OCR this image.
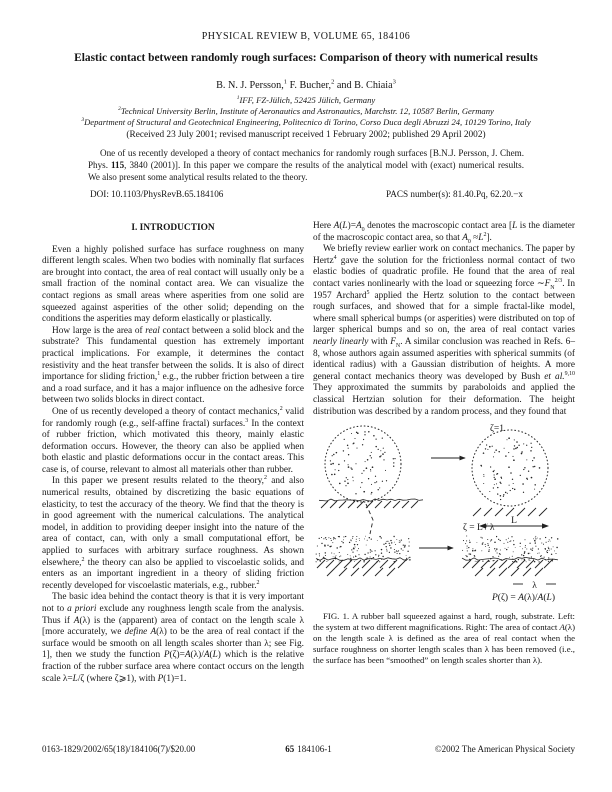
PHYSICAL REVIEW B, VOLUME 65, 184106
Elastic contact between randomly rough surfaces: Comparison of theory with numerical results
B. N. J. Persson,$^1$ F. Bucher,$^2$ and B. Chiaia$^3$
$^1$IFF, FZ-Jülich, 52425 Jülich, Germany
$^2$Technical University Berlin, Institute of Aeronautics and Astronautics, Marchstr. 12, 10587 Berlin, Germany
$^3$Department of Structural and Geotechnical Engineering, Politecnico di Torino, Corso Duca degli Abruzzi 24, 10129 Torino, Italy
(Received 23 July 2001; revised manuscript received 1 February 2002; published 29 April 2002)
One of us recently developed a theory of contact mechanics for randomly rough surfaces [B.N.J. Persson, J. Chem. Phys. 115, 3840 (2001)]. In this paper we compare the results of the analytical model with (exact) numerical results. We also present some analytical results related to the theory.
DOI: 10.1103/PhysRevB.65.184106	PACS number(s): 81.40.Pq, 62.20.−x
I. INTRODUCTION

Even a highly polished surface has surface roughness on many different length scales. When two bodies with nominally flat surfaces are brought into contact, the area of real contact will usually only be a small fraction of the nominal contact area. We can visualize the contact regions as small areas where asperities from one solid are squeezed against asperities of the other solid; depending on the conditions the asperities may deform elastically or plastically.

How large is the area of real contact between a solid block and the substrate? This fundamental question has extremely important practical implications. For example, it determines the contact resistivity and the heat transfer between the solids. It is also of direct importance for sliding friction,$^1$ e.g., the rubber friction between a tire and a road surface, and it has a major influence on the adhesive force between two solids blocks in direct contact.

One of us recently developed a theory of contact mechanics,$^2$ valid for randomly rough (e.g., self-affine fractal) surfaces.$^3$ In the context of rubber friction, which motivated this theory, mainly elastic deformation occurs. However, the theory can also be applied when both elastic and plastic deformations occur in the contact areas. This case is, of course, relevant to almost all materials other than rubber.

In this paper we present results related to the theory,$^2$ and also numerical results, obtained by discretizing the basic equations of elasticity, to test the accuracy of the theory. We find that the theory is in good agreement with the numerical calculations. The analytical model, in addition to providing deeper insight into the nature of the area of contact, can, with only a small computational effort, be applied to surfaces with arbitrary surface roughness. As shown elsewhere,$^2$ the theory can also be applied to viscoelastic solids, and enters as an important ingredient in a theory of sliding friction recently developed for viscoelastic materials, e.g., rubber.$^2$

The basic idea behind the contact theory is that it is very important not to a priori exclude any roughness length scale from the analysis. Thus if A(λ) is the (apparent) area of contact on the length scale λ [more accurately, we define A(λ) to be the area of real contact if the surface would be smooth on all length scales shorter than λ; see Fig. 1], then we study the function P(ζ)=A(λ)/A(L) which is the relative fraction of the rubber surface area where contact occurs on the length scale λ=L/ζ (where ζ⩾1), with P(1)=1.

Here $A(L)=A_0$ denotes the macroscopic contact area [L is the diameter of the macroscopic contact area, so that $A_0 \approx L^2$].

We briefly review earlier work on contact mechanics. The paper by Hertz$^4$ gave the solution for the frictionless normal contact of two elastic bodies of quadratic profile. He found that the area of real contact varies nonlinearly with the load or squeezing force $\sim F_N^{2/3}$. In 1957 Archard$^5$ applied the Hertz solution to the contact between rough surfaces, and showed that for a simple fractal-like model, where small spherical bumps (or asperities) were distributed on top of larger spherical bumps and so on, the area of real contact varies nearly linearly with $F_N$. A similar conclusion was reached in Refs. 6–8, whose authors again assumed asperities with spherical summits (of identical radius) with a Gaussian distribution of heights. A more general contact mechanics theory was developed by Bush et al.$^{9,10}$ They approximated the summits by paraboloids and applied the classical Hertzian solution for their deformation. The height distribution was described by a random process, and they found that

ζ=1
L
ζ = L / λ
λ
P(ζ) = A(λ)/A(L)
FIG. 1. A rubber ball squeezed against a hard, rough, substrate. Left: the system at two different magnifications. Right: The area of contact A(λ) on the length scale λ is defined as the area of real contact when the surface roughness on shorter length scales than λ has been removed (i.e., the surface has been “smoothed” on length scales shorter than λ).
0163-1829/2002/65(18)/184106(7)/$20.00	65  184106-1	©2002 The American Physical Society
